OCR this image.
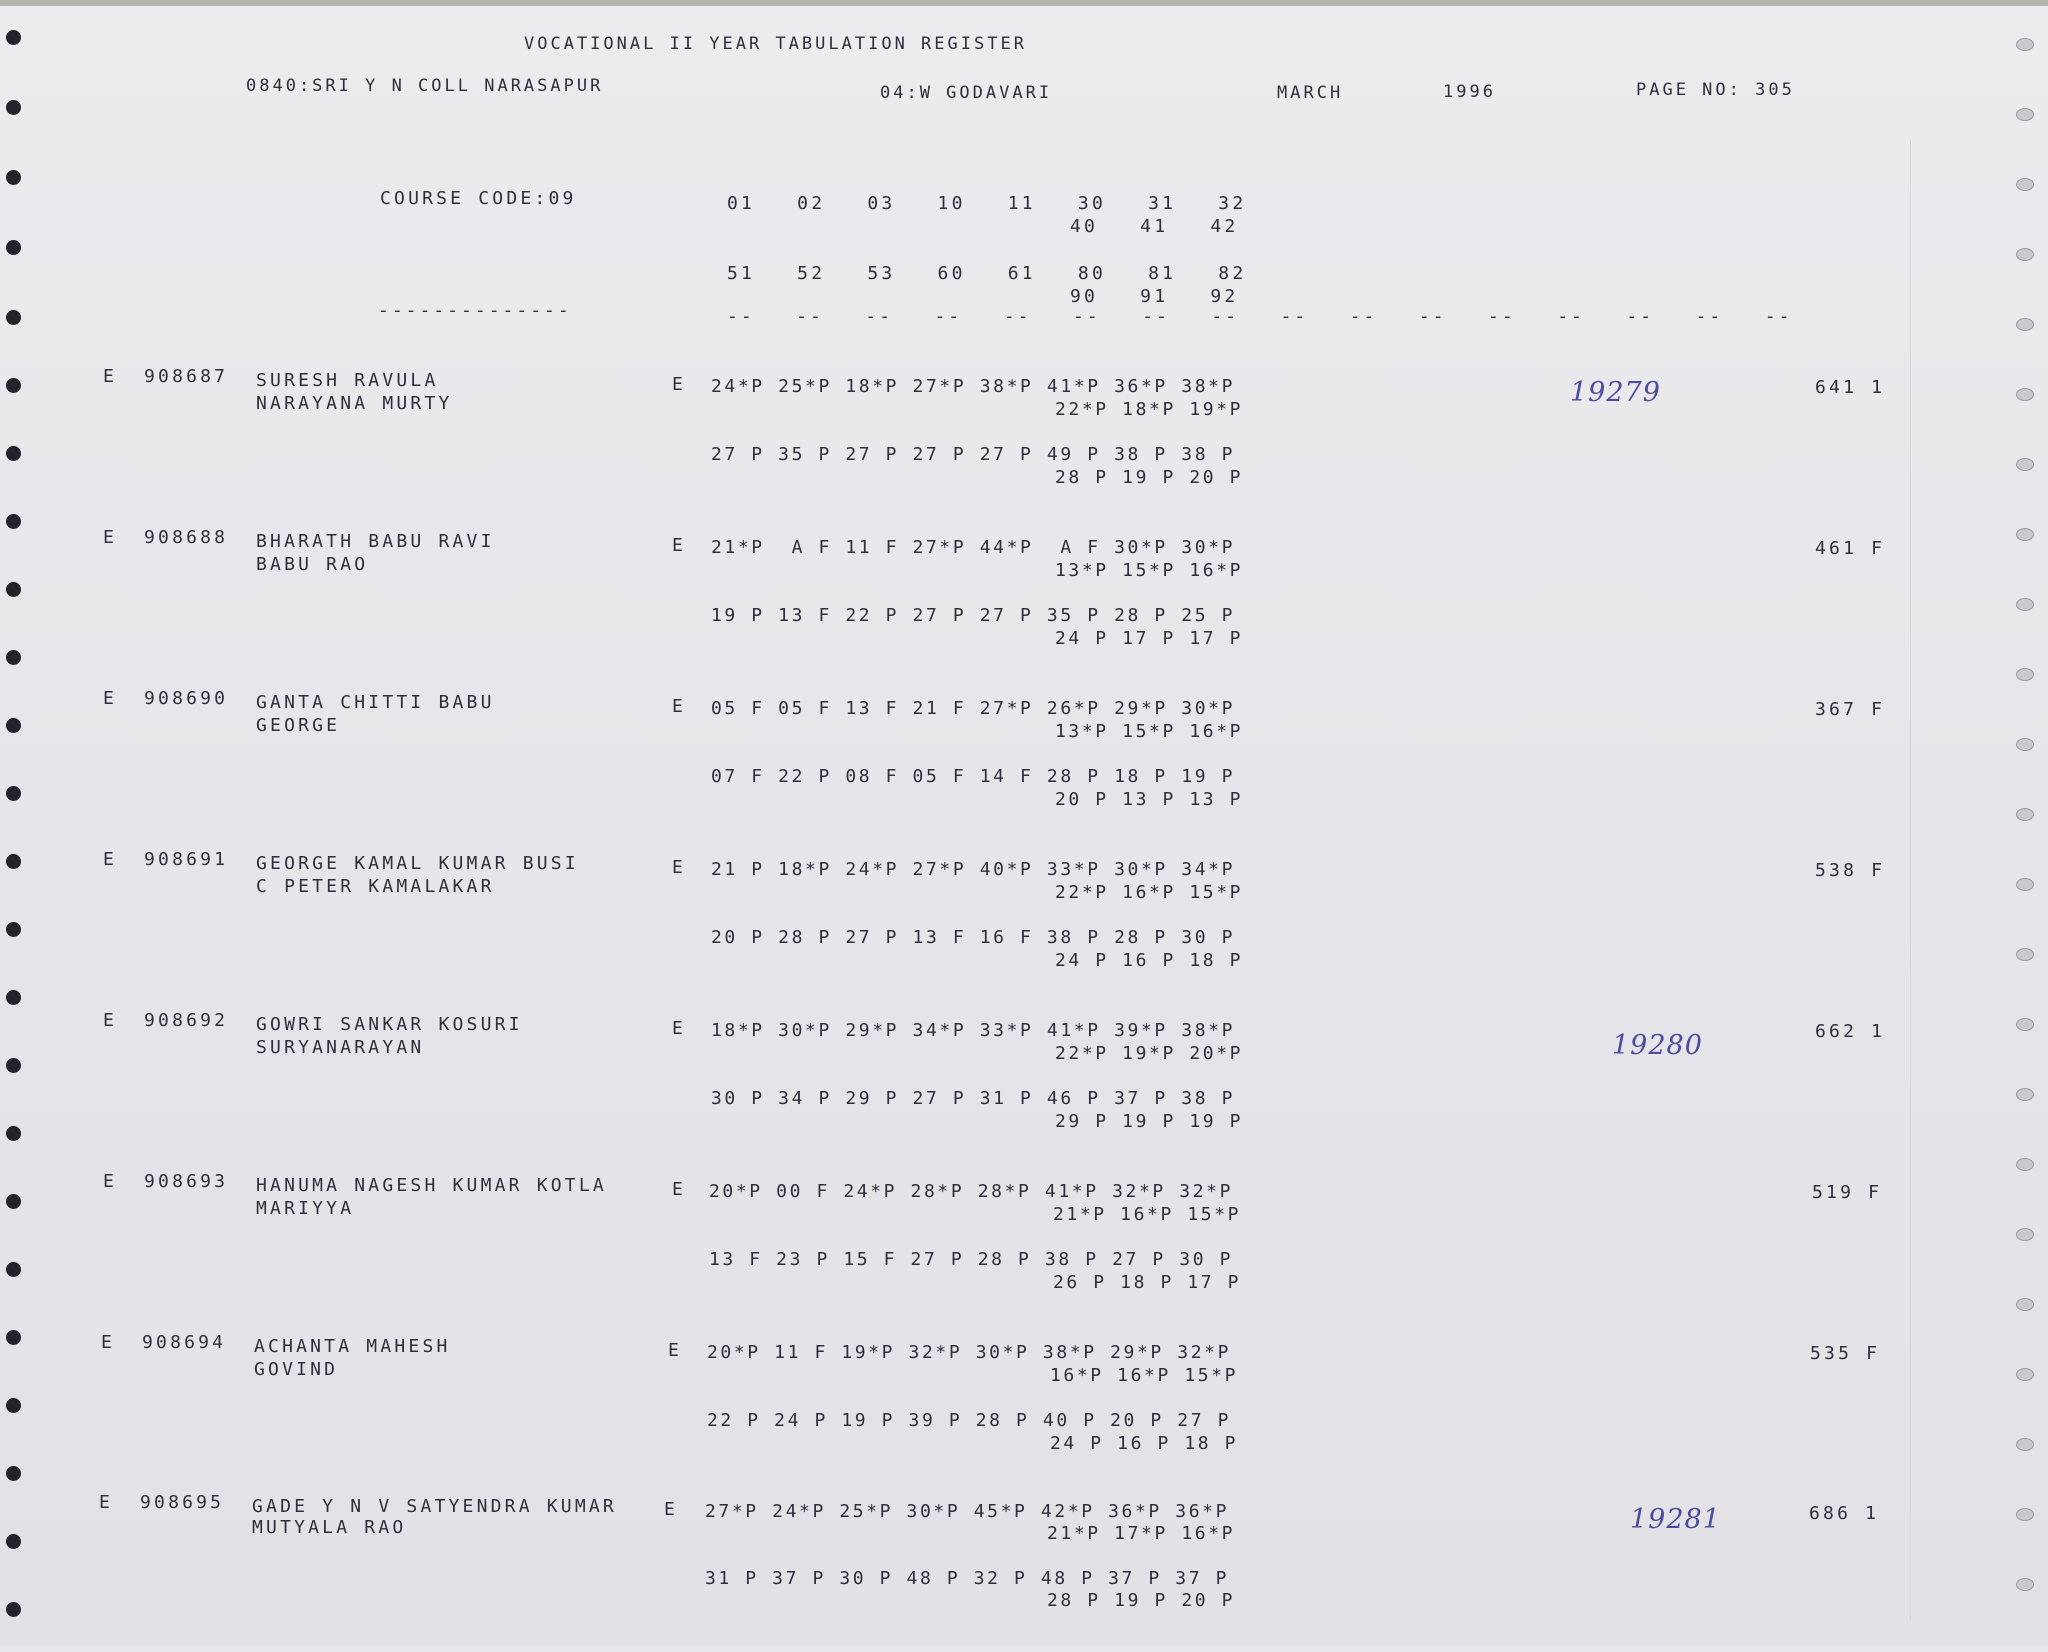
VOCATIONAL II YEAR TABULATION REGISTER
0840:SRI Y N COLL NARASAPUR	04:W GODAVARI	MARCH	1996	PAGE NO: 305
COURSE CODE:09	01   02   03   10   11   30   31   32
40   41   42
51   52   53   60   61   80   81   82
90   91   92
--------------	--   --   --   --   --   --   --   --   --   --   --   --   --   --   --   --
E 908687 SURESH RAVULA
NARAYANA MURTY
E 24*P 25*P 18*P 27*P 38*P 41*P 36*P 38*P
22*P 18*P 19*P
27 P 35 P 27 P 27 P 27 P 49 P 38 P 38 P
28 P 19 P 20 P
19279	641 1
E 908688 BHARATH BABU RAVI
BABU RAO
E 21*P  A F 11 F 27*P 44*P  A F 30*P 30*P
13*P 15*P 16*P
19 P 13 F 22 P 27 P 27 P 35 P 28 P 25 P
24 P 17 P 17 P
461 F
E 908690 GANTA CHITTI BABU
GEORGE
E 05 F 05 F 13 F 21 F 27*P 26*P 29*P 30*P
13*P 15*P 16*P
07 F 22 P 08 F 05 F 14 F 28 P 18 P 19 P
20 P 13 P 13 P
367 F
E 908691 GEORGE KAMAL KUMAR BUSI
C PETER KAMALAKAR
E 21 P 18*P 24*P 27*P 40*P 33*P 30*P 34*P
22*P 16*P 15*P
20 P 28 P 27 P 13 F 16 F 38 P 28 P 30 P
24 P 16 P 18 P
538 F
E 908692 GOWRI SANKAR KOSURI
SURYANARAYAN
E 18*P 30*P 29*P 34*P 33*P 41*P 39*P 38*P
22*P 19*P 20*P
30 P 34 P 29 P 27 P 31 P 46 P 37 P 38 P
29 P 19 P 19 P
19280	662 1
E 908693 HANUMA NAGESH KUMAR KOTLA
MARIYYA
E 20*P 00 F 24*P 28*P 28*P 41*P 32*P 32*P
21*P 16*P 15*P
13 F 23 P 15 F 27 P 28 P 38 P 27 P 30 P
26 P 18 P 17 P
519 F
E 908694 ACHANTA MAHESH
GOVIND
E 20*P 11 F 19*P 32*P 30*P 38*P 29*P 32*P
16*P 16*P 15*P
22 P 24 P 19 P 39 P 28 P 40 P 20 P 27 P
24 P 16 P 18 P
535 F
E 908695 GADE Y N V SATYENDRA KUMAR
MUTYALA RAO
E 27*P 24*P 25*P 30*P 45*P 42*P 36*P 36*P
21*P 17*P 16*P
31 P 37 P 30 P 48 P 32 P 48 P 37 P 37 P
28 P 19 P 20 P
19281	686 1
